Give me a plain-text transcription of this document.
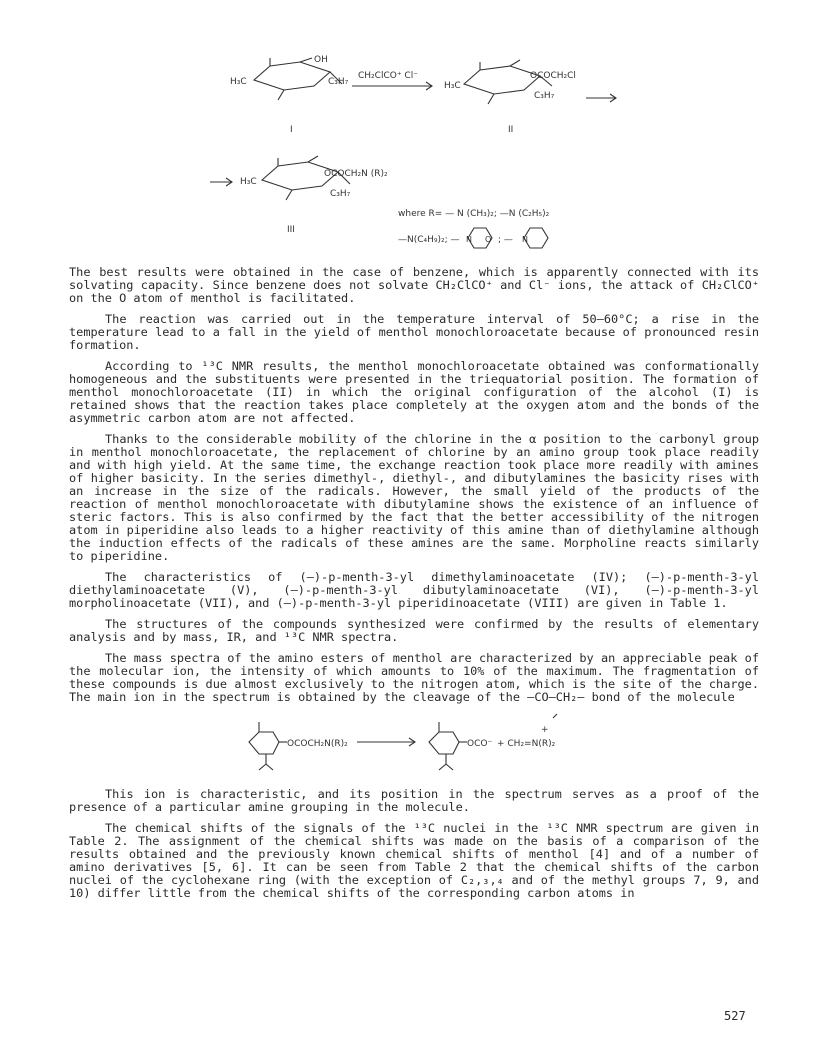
H₃C
OH
C₃H₇
I
CH₂ClCO⁺ Cl⁻
H₃C
OCOCH₂Cl
C₃H₇
II
H₃C
OCOCH₂N (R)₂
C₃H₇
III
where R= — N (CH₃)₂; —N (C₂H₅)₂
—N(C₄H₉)₂; — N O ; — N

The best results were obtained in the case of benzene, which is apparently connected with its solvating capacity. Since benzene does not solvate CH₂ClCO⁺ and Cl⁻ ions, the attack of CH₂ClCO⁺ on the O atom of menthol is facilitated.

The reaction was carried out in the temperature interval of 50–60°C; a rise in the temperature lead to a fall in the yield of menthol monochloroacetate because of pronounced resin formation.

According to ¹³C NMR results, the menthol monochloroacetate obtained was conformationally homogeneous and the substituents were presented in the triequatorial position. The formation of menthol monochloroacetate (II) in which the original configuration of the alcohol (I) is retained shows that the reaction takes place completely at the oxygen atom and the bonds of the asymmetric carbon atom are not affected.

Thanks to the considerable mobility of the chlorine in the α position to the carbonyl group in menthol monochloroacetate, the replacement of chlorine by an amino group took place readily and with high yield. At the same time, the exchange reaction took place more readily with amines of higher basicity. In the series dimethyl-, diethyl-, and dibutylamines the basicity rises with an increase in the size of the radicals. However, the small yield of the products of the reaction of menthol monochloroacetate with dibutylamine shows the existence of an influence of steric factors. This is also confirmed by the fact that the better accessibility of the nitrogen atom in piperidine also leads to a higher reactivity of this amine than of diethylamine although the induction effects of the radicals of these amines are the same. Morpholine reacts similarly to piperidine.

The characteristics of (—)-p-menth-3-yl dimethylaminoacetate (IV); (—)-p-menth-3-yl diethylaminoacetate (V), (—)-p-menth-3-yl dibutylaminoacetate (VI), (—)-p-menth-3-yl morpholinoacetate (VII), and (—)-p-menth-3-yl piperidinoacetate (VIII) are given in Table 1.

The structures of the compounds synthesized were confirmed by the results of elementary analysis and by mass, IR, and ¹³C NMR spectra.

The mass spectra of the amino esters of menthol are characterized by an appreciable peak of the molecular ion, the intensity of which amounts to 10% of the maximum. The fragmentation of these compounds is due almost exclusively to the nitrogen atom, which is the site of the charge. The main ion in the spectrum is obtained by the cleavage of the —CO—CH₂— bond of the molecule

OCOCH₂N(R)₂	OCO⁻ + CH₂=N(R)₂
+

This ion is characteristic, and its position in the spectrum serves as a proof of the presence of a particular amine grouping in the molecule.

The chemical shifts of the signals of the ¹³C nuclei in the ¹³C NMR spectrum are given in Table 2. The assignment of the chemical shifts was made on the basis of a comparison of the results obtained and the previously known chemical shifts of menthol [4] and of a number of amino derivatives [5, 6]. It can be seen from Table 2 that the chemical shifts of the carbon nuclei of the cyclohexane ring (with the exception of C₂,₃,₄ and of the methyl groups 7, 9, and 10) differ little from the chemical shifts of the corresponding carbon atoms in

527
